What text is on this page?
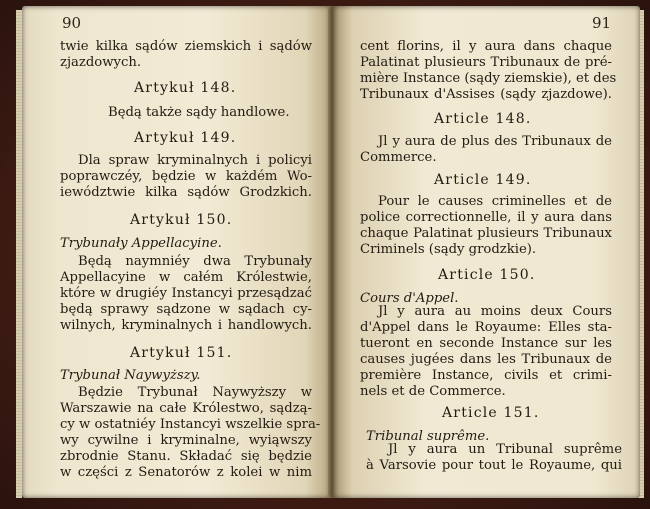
90
twie kilka sądów ziemskich i sądów
zjazdowych.
Artykuł 148.
Będą także sądy handlowe.
Artykuł 149.
Dla spraw kryminalnych i policyi
poprawczéy, będzie w każdém Wo-
iewództwie kilka sądów Grodzkich.
Artykuł 150.
Trybunały Appellacyine.
Będą naymniéy dwa Trybunały
Appellacyine w całém Królestwie,
które w drugiéy Instancyi przesądzać
będą sprawy sądzone w sądach cy-
wilnych, kryminalnych i handlowych.
Artykuł 151.
Trybunał Naywyższy.
Będzie Trybunał Naywyższy w
Warszawie na całe Królestwo, sądzą-
cy w ostatniéy Instancyi wszelkie spra-
wy cywilne i kryminalne, wyiąwszy
zbrodnie Stanu. Składać się będzie
w części z Senatorów z kolei w nim
91
cent florins, il y aura dans chaque
Palatinat plusieurs Tribunaux de pré-
mière Instance (sądy ziemskie), et des
Tribunaux d'Assises (sądy zjazdowe).
Article 148.
Jl y aura de plus des Tribunaux de
Commerce.
Article 149.
Pour le causes criminelles et de
police correctionnelle, il y aura dans
chaque Palatinat plusieurs Tribunaux
Criminels (sądy grodzkie).
Article 150.
Cours d'Appel.
Jl y aura au moins deux Cours
d'Appel dans le Royaume: Elles sta-
tueront en seconde Instance sur les
causes jugées dans les Tribunaux de
première Instance, civils et crimi-
nels et de Commerce.
Article 151.
Tribunal suprême.
Jl y aura un Tribunal suprême
à Varsovie pour tout le Royaume, qui
